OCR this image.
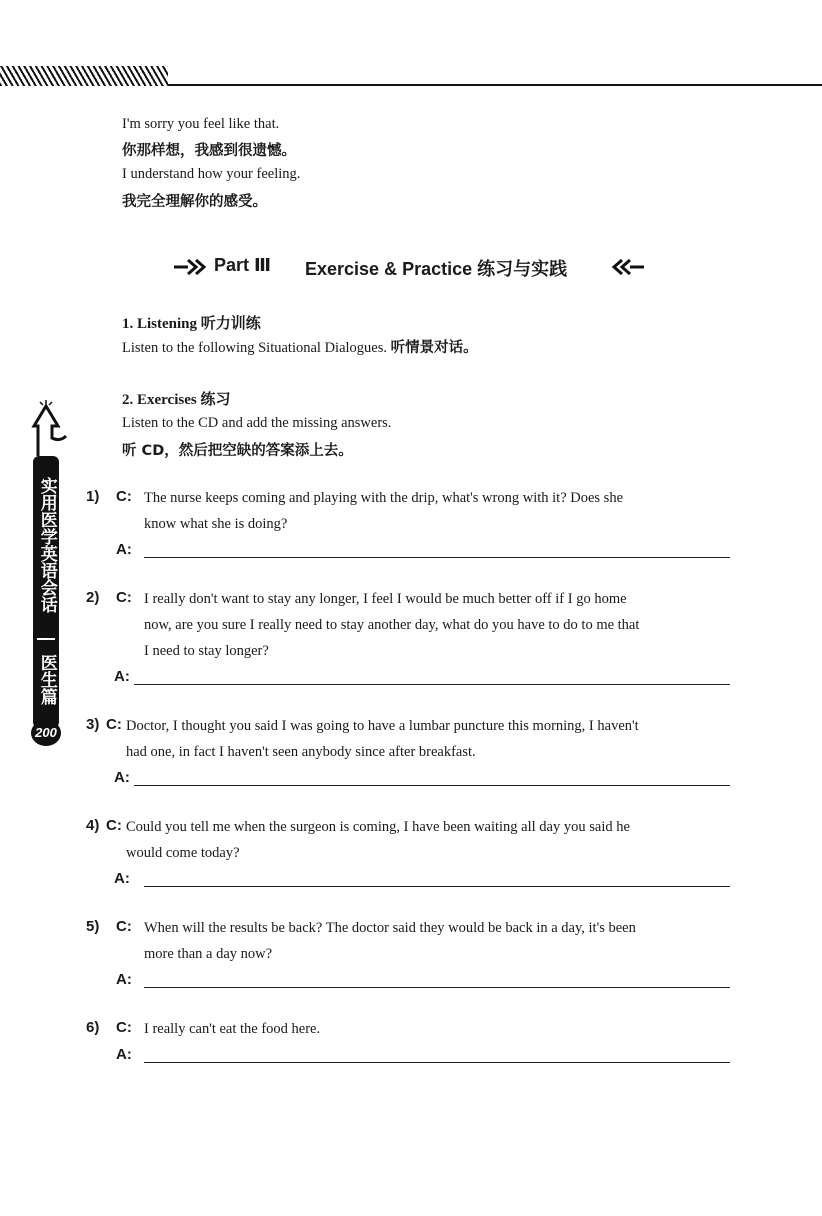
I'm sorry you feel like that.
你那样想，我感到很遗憾。
I understand how your feeling.
我完全理解你的感受。
Part Ⅲ Exercise & Practice 练习与实践
1. Listening 听力训练
Listen to the following Situational Dialogues. 听情景对话。
2. Exercises 练习
Listen to the CD and add the missing answers.
听 CD，然后把空缺的答案添上去。
实用医学英语会话
医生篇
200
1) C: The nurse keeps coming and playing with the drip, what's wrong with it? Does she
know what she is doing?
A:
2) C: I really don't want to stay any longer, I feel I would be much better off if I go home
now, are you sure I really need to stay another day, what do you have to do to me that
I need to stay longer?
A:
3) C: Doctor, I thought you said I was going to have a lumbar puncture this morning, I haven't
had one, in fact I haven't seen anybody since after breakfast.
A:
4) C: Could you tell me when the surgeon is coming, I have been waiting all day you said he
would come today?
A:
5) C: When will the results be back? The doctor said they would be back in a day, it's been
more than a day now?
A:
6) C: I really can't eat the food here.
A:
